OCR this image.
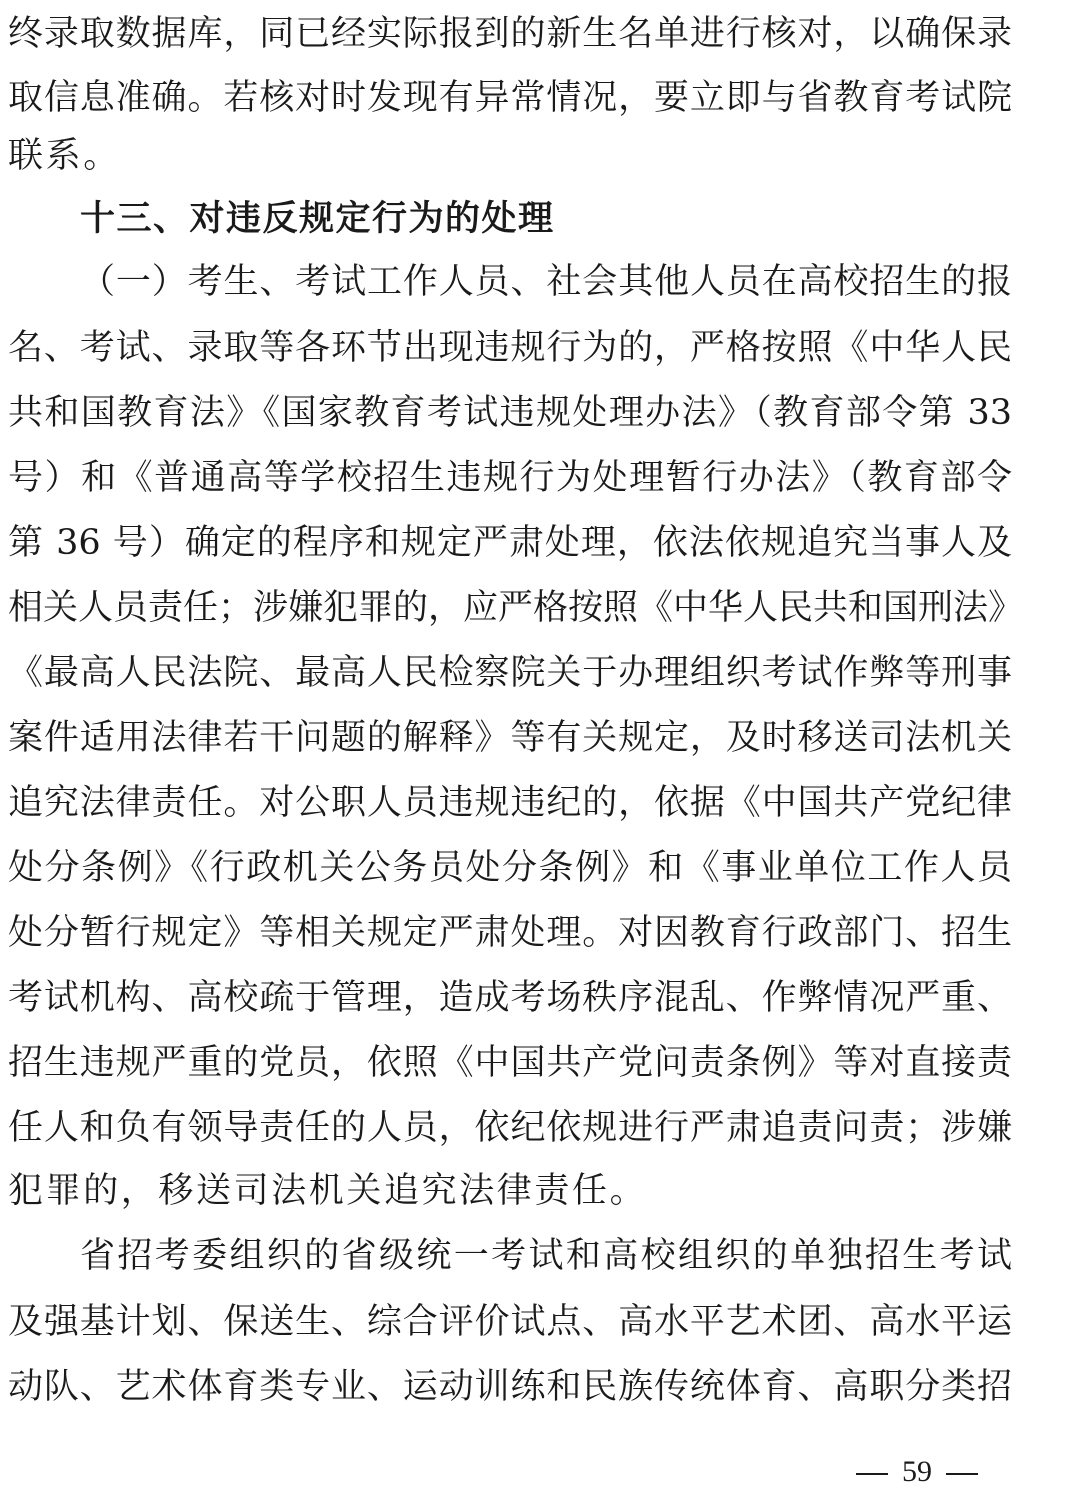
终录取数据库，同已经实际报到的新生名单进行核对，以确保录
取信息准确。若核对时发现有异常情况，要立即与省教育考试院
联系。
十三、对违反规定行为的处理
（一）考生、考试工作人员、社会其他人员在高校招生的报
名、考试、录取等各环节出现违规行为的，严格按照《中华人民
共和国教育法》《国家教育考试违规处理办法》（教育部令第 33
号）和《普通高等学校招生违规行为处理暂行办法》（教育部令
第 36 号）确定的程序和规定严肃处理，依法依规追究当事人及
相关人员责任；涉嫌犯罪的，应严格按照《中华人民共和国刑法》
《最高人民法院、最高人民检察院关于办理组织考试作弊等刑事
案件适用法律若干问题的解释》等有关规定，及时移送司法机关
追究法律责任。对公职人员违规违纪的，依据《中国共产党纪律
处分条例》《行政机关公务员处分条例》和《事业单位工作人员
处分暂行规定》等相关规定严肃处理。对因教育行政部门、招生
考试机构、高校疏于管理，造成考场秩序混乱、作弊情况严重、
招生违规严重的党员，依照《中国共产党问责条例》等对直接责
任人和负有领导责任的人员，依纪依规进行严肃追责问责；涉嫌
犯罪的，移送司法机关追究法律责任。
省招考委组织的省级统一考试和高校组织的单独招生考试
及强基计划、保送生、综合评价试点、高水平艺术团、高水平运
动队、艺术体育类专业、运动训练和民族传统体育、高职分类招
59
